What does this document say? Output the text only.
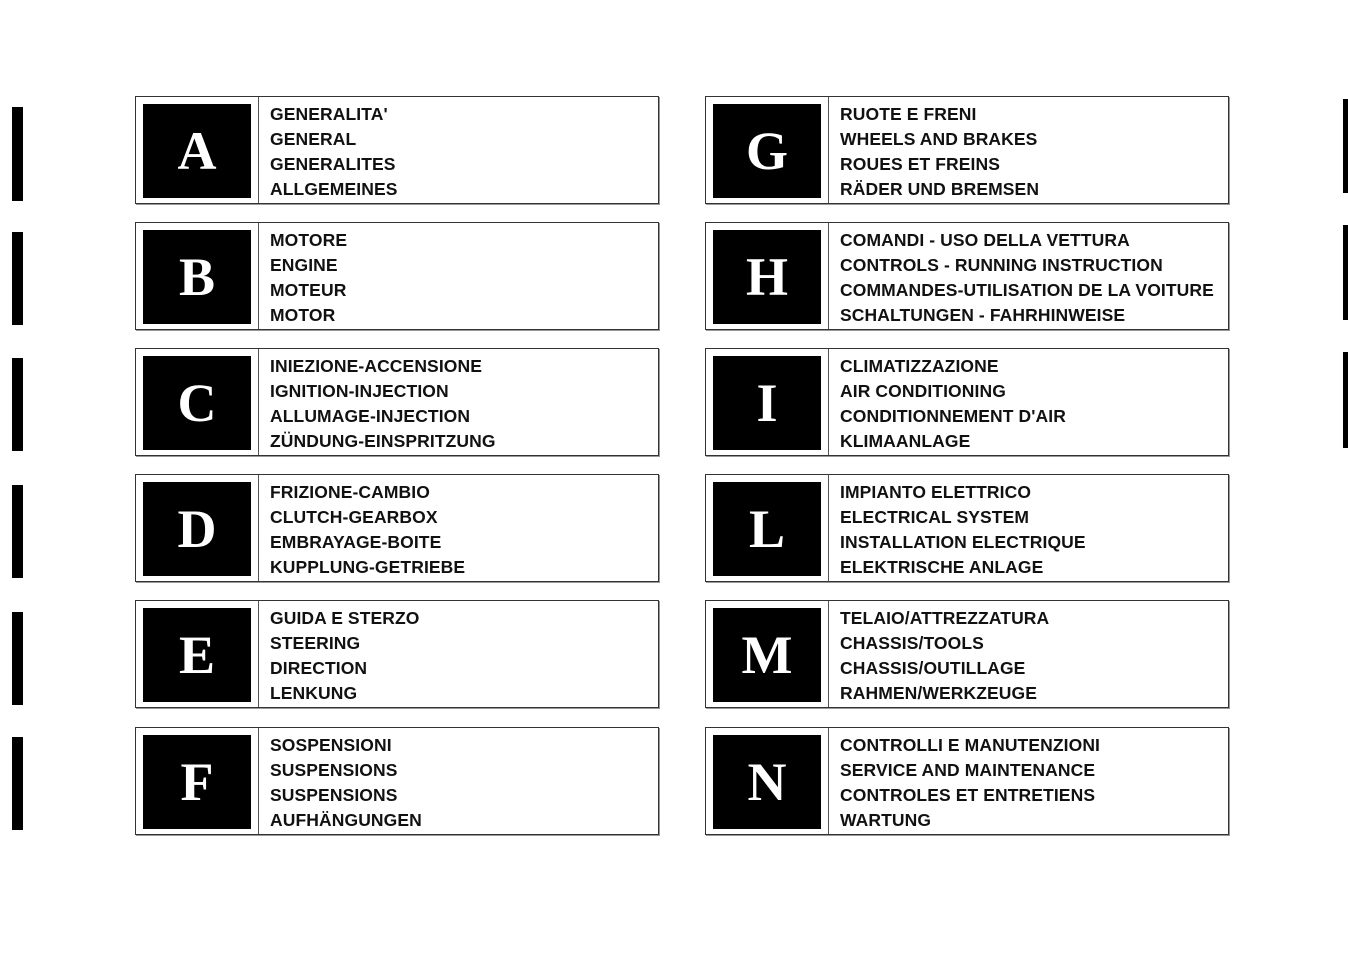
A
GENERALITA'
GENERAL
GENERALITES
ALLGEMEINES
B
MOTORE
ENGINE
MOTEUR
MOTOR
C
INIEZIONE-ACCENSIONE
IGNITION-INJECTION
ALLUMAGE-INJECTION
ZÜNDUNG-EINSPRITZUNG
D
FRIZIONE-CAMBIO
CLUTCH-GEARBOX
EMBRAYAGE-BOITE
KUPPLUNG-GETRIEBE
E
GUIDA E STERZO
STEERING
DIRECTION
LENKUNG
F
SOSPENSIONI
SUSPENSIONS
SUSPENSIONS
AUFHÄNGUNGEN
G
RUOTE E FRENI
WHEELS AND BRAKES
ROUES ET FREINS
RÄDER UND BREMSEN
H
COMANDI - USO DELLA VETTURA
CONTROLS - RUNNING INSTRUCTION
COMMANDES-UTILISATION DE LA VOITURE
SCHALTUNGEN - FAHRHINWEISE
I
CLIMATIZZAZIONE
AIR CONDITIONING
CONDITIONNEMENT D'AIR
KLIMAANLAGE
L
IMPIANTO ELETTRICO
ELECTRICAL SYSTEM
INSTALLATION ELECTRIQUE
ELEKTRISCHE ANLAGE
M
TELAIO/ATTREZZATURA
CHASSIS/TOOLS
CHASSIS/OUTILLAGE
RAHMEN/WERKZEUGE
N
CONTROLLI E MANUTENZIONI
SERVICE AND MAINTENANCE
CONTROLES ET ENTRETIENS
WARTUNG
